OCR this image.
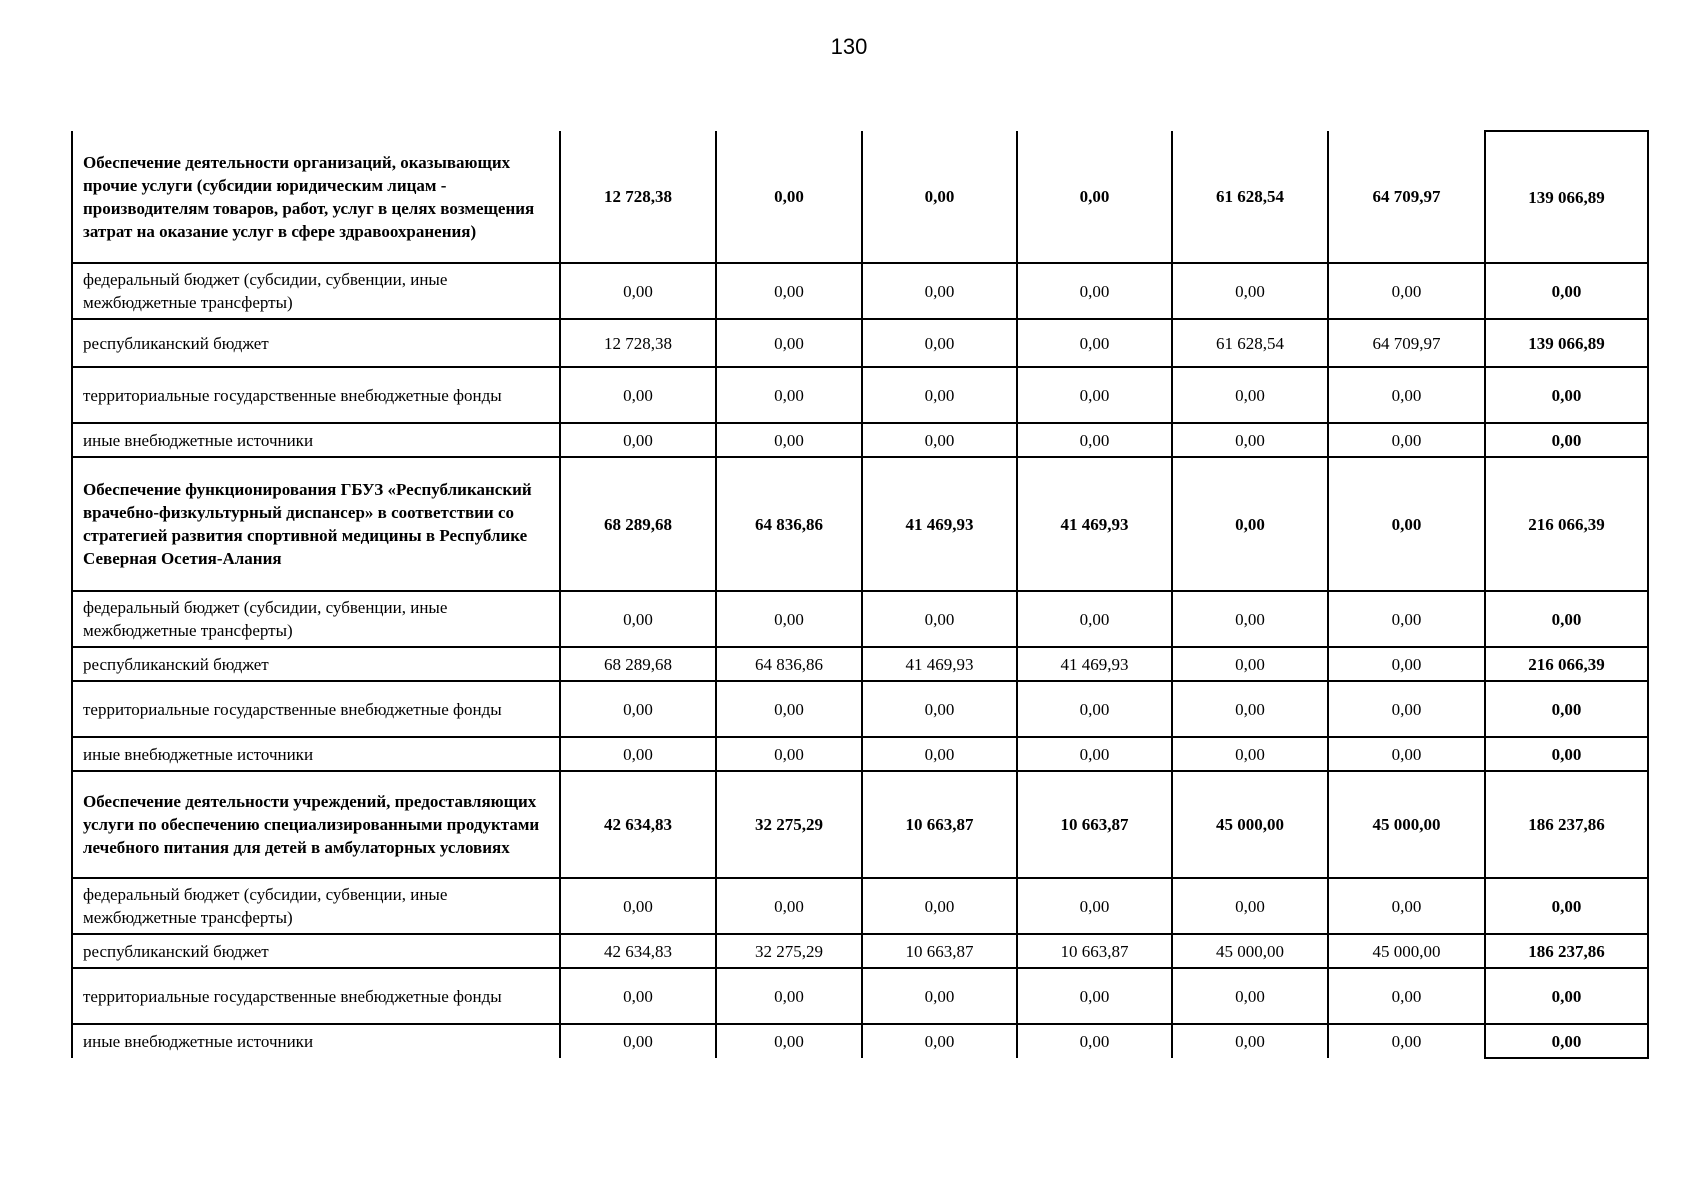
130
Обеспечение деятельности организаций, оказывающих прочие услуги (субсидии юридическим лицам - производителям товаров, работ, услуг в целях возмещения затрат на оказание услуг в сфере здравоохранения)	12 728,38	0,00	0,00	0,00	61 628,54	64 709,97	139 066,89
федеральный бюджет (субсидии, субвенции, иные межбюджетные трансферты)	0,00	0,00	0,00	0,00	0,00	0,00	0,00
республиканский бюджет	12 728,38	0,00	0,00	0,00	61 628,54	64 709,97	139 066,89
территориальные государственные внебюджетные фонды	0,00	0,00	0,00	0,00	0,00	0,00	0,00
иные внебюджетные источники	0,00	0,00	0,00	0,00	0,00	0,00	0,00
Обеспечение функционирования ГБУЗ «Республиканский врачебно-физкультурный диспансер» в соответствии со стратегией развития спортивной медицины в Республике Северная Осетия-Алания	68 289,68	64 836,86	41 469,93	41 469,93	0,00	0,00	216 066,39
федеральный бюджет (субсидии, субвенции, иные межбюджетные трансферты)	0,00	0,00	0,00	0,00	0,00	0,00	0,00
республиканский бюджет	68 289,68	64 836,86	41 469,93	41 469,93	0,00	0,00	216 066,39
территориальные государственные внебюджетные фонды	0,00	0,00	0,00	0,00	0,00	0,00	0,00
иные внебюджетные источники	0,00	0,00	0,00	0,00	0,00	0,00	0,00
Обеспечение деятельности учреждений, предоставляющих услуги по обеспечению специализированными продуктами лечебного питания для детей в амбулаторных условиях	42 634,83	32 275,29	10 663,87	10 663,87	45 000,00	45 000,00	186 237,86
федеральный бюджет (субсидии, субвенции, иные межбюджетные трансферты)	0,00	0,00	0,00	0,00	0,00	0,00	0,00
республиканский бюджет	42 634,83	32 275,29	10 663,87	10 663,87	45 000,00	45 000,00	186 237,86
территориальные государственные внебюджетные фонды	0,00	0,00	0,00	0,00	0,00	0,00	0,00
иные внебюджетные источники	0,00	0,00	0,00	0,00	0,00	0,00	0,00
